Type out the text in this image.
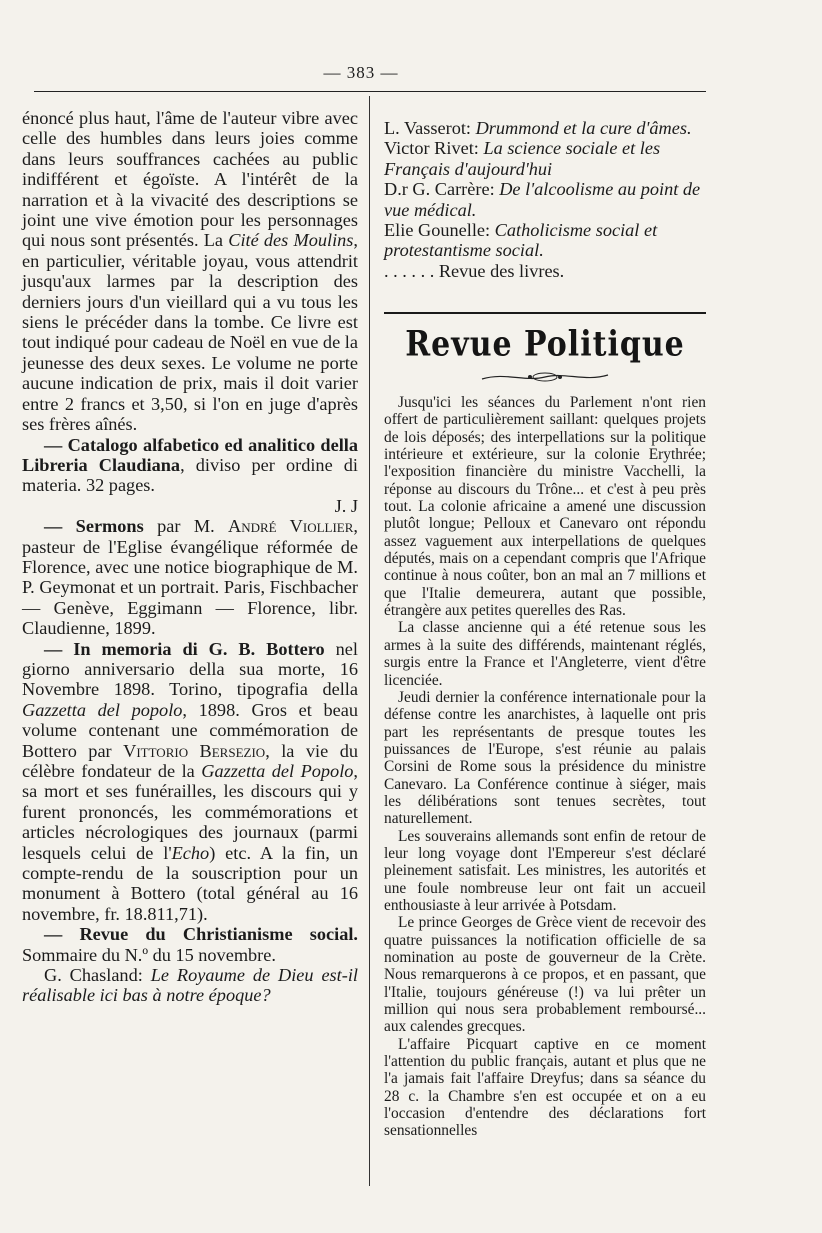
— 383 —

énoncé plus haut, l'âme de l'auteur vibre avec celle des humbles dans leurs joies comme dans leurs souffrances cachées au public indifférent et égoïste. A l'intérêt de la narration et à la vivacité des descriptions se joint une vive émotion pour les personnages qui nous sont présentés. La Cité des Moulins, en particulier, véritable joyau, vous attendrit jusqu'aux larmes par la description des derniers jours d'un vieillard qui a vu tous les siens le précéder dans la tombe. Ce livre est tout indiqué pour cadeau de Noël en vue de la jeunesse des deux sexes. Le volume ne porte aucune indication de prix, mais il doit varier entre 2 francs et 3,50, si l'on en juge d'après ses frères aînés.

— Catalogo alfabetico ed analitico della Libreria Claudiana, diviso per ordine di materia. 32 pages.

J. J

— Sermons par M. André Viollier, pasteur de l'Eglise évangélique réformée de Florence, avec une notice biographique de M. P. Geymonat et un portrait. Paris, Fischbacher — Genève, Eggimann — Florence, libr. Claudienne, 1899.

— In memoria di G. B. Bottero nel giorno anniversario della sua morte, 16 Novembre 1898. Torino, tipografia della Gazzetta del popolo, 1898. Gros et beau volume contenant une commémoration de Bottero par Vittorio Bersezio, la vie du célèbre fondateur de la Gazzetta del Popolo, sa mort et ses funérailles, les discours qui y furent prononcés, les commémorations et articles nécrologiques des journaux (parmi lesquels celui de l'Echo) etc. A la fin, un compte-rendu de la souscription pour un monument à Bottero (total général au 16 novembre, fr. 18.811,71).

— Revue du Christianisme social. Sommaire du N.º du 15 novembre.

G. Chasland: Le Royaume de Dieu est-il réalisable ici bas à notre époque?

L. Vasserot: Drummond et la cure d'âmes.

Victor Rivet: La science sociale et les Français d'aujourd'hui

D.r G. Carrère: De l'alcoolisme au point de vue médical.

Elie Gounelle: Catholicisme social et protestantisme social.

. . . . . . Revue des livres.

Revue Politique

Jusqu'ici les séances du Parlement n'ont rien offert de particulièrement saillant: quelques projets de lois déposés; des interpellations sur la politique intérieure et extérieure, sur la colonie Erythrée; l'exposition financière du ministre Vacchelli, la réponse au discours du Trône... et c'est à peu près tout. La colonie africaine a amené une discussion plutôt longue; Pelloux et Canevaro ont répondu assez vaguement aux interpellations de quelques députés, mais on a cependant compris que l'Afrique continue à nous coûter, bon an mal an 7 millions et que l'Italie demeurera, autant que possible, étrangère aux petites querelles des Ras.

La classe ancienne qui a été retenue sous les armes à la suite des différends, maintenant réglés, surgis entre la France et l'Angleterre, vient d'être licenciée.

Jeudi dernier la conférence internationale pour la défense contre les anarchistes, à laquelle ont pris part les représentants de presque toutes les puissances de l'Europe, s'est réunie au palais Corsini de Rome sous la présidence du ministre Canevaro. La Conférence continue à siéger, mais les délibérations sont tenues secrètes, tout naturellement.

Les souverains allemands sont enfin de retour de leur long voyage dont l'Empereur s'est déclaré pleinement satisfait. Les ministres, les autorités et une foule nombreuse leur ont fait un accueil enthousiaste à leur arrivée à Potsdam.

Le prince Georges de Grèce vient de recevoir des quatre puissances la notification officielle de sa nomination au poste de gouverneur de la Crète. Nous remarquerons à ce propos, et en passant, que l'Italie, toujours généreuse (!) va lui prêter un million qui nous sera probablement remboursé... aux calendes grecques.

L'affaire Picquart captive en ce moment l'attention du public français, autant et plus que ne l'a jamais fait l'affaire Dreyfus; dans sa séance du 28 c. la Chambre s'en est occupée et on a eu l'occasion d'entendre des déclarations fort sensationnelles
